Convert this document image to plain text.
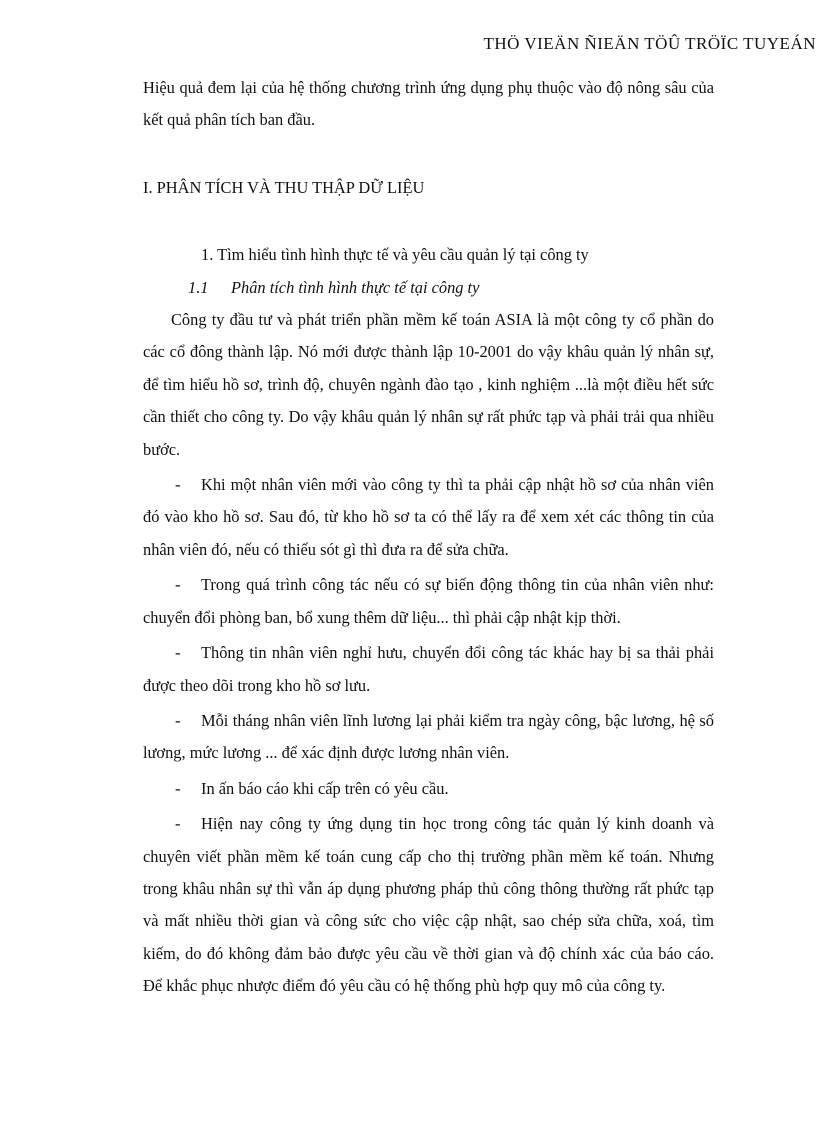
THÖ VIEÄN ÑIEÄN TÖÛ TRÖÏC TUYEÁN

Hiệu quả đem lại của hệ thống chương trình ứng dụng phụ thuộc vào độ nông sâu của kết quả phân tích ban đầu.

I. PHÂN TÍCH VÀ THU THẬP DỮ LIỆU

1. Tìm hiểu tình hình thực tế và yêu cầu quản lý tại công ty

1.1 Phân tích tình hình thực tế tại công ty

Công ty đầu tư và phát triển phần mềm kế toán ASIA là một công ty cổ phần do các cổ đông thành lập. Nó mới được thành lập 10-2001 do vậy khâu quản lý nhân sự, để tìm hiểu hồ sơ, trình độ, chuyên ngành đào tạo , kinh nghiệm ...là một điều hết sức cần thiết cho công ty. Do vậy khâu quản lý nhân sự rất phức tạp và phải trải qua nhiều bước.

- Khi một nhân viên mới vào công ty thì ta phải cập nhật hồ sơ của nhân viên đó vào kho hồ sơ. Sau đó, từ kho hồ sơ ta có thể lấy ra để xem xét các thông tin của nhân viên đó, nếu có thiếu sót gì thì đưa ra để sửa chữa.

- Trong quá trình công tác nếu có sự biến động thông tin của nhân viên như: chuyển đổi phòng ban, bổ xung thêm dữ liệu... thì phải cập nhật kịp thời.

- Thông tin nhân viên nghỉ hưu, chuyển đổi công tác khác hay bị sa thải phải được theo dõi trong kho hồ sơ lưu.

- Mỗi tháng nhân viên lĩnh lương lại phải kiểm tra ngày công, bậc lương, hệ số lương, mức lương ... để xác định được lương nhân viên.

- In ấn báo cáo khi cấp trên có yêu cầu.

- Hiện nay công ty ứng dụng tin học trong công tác quản lý kinh doanh và chuyên viết phần mềm kế toán cung cấp cho thị trường phần mềm kế toán. Nhưng trong khâu nhân sự thì vẫn áp dụng phương pháp thủ công thông thường rất phức tạp và mất nhiều thời gian và công sức cho việc cập nhật, sao chép sửa chữa, xoá, tìm kiếm, do đó không đảm bảo được yêu cầu về thời gian và độ chính xác của báo cáo. Để khắc phục nhược điểm đó yêu cầu có hệ thống phù hợp quy mô của công ty.
